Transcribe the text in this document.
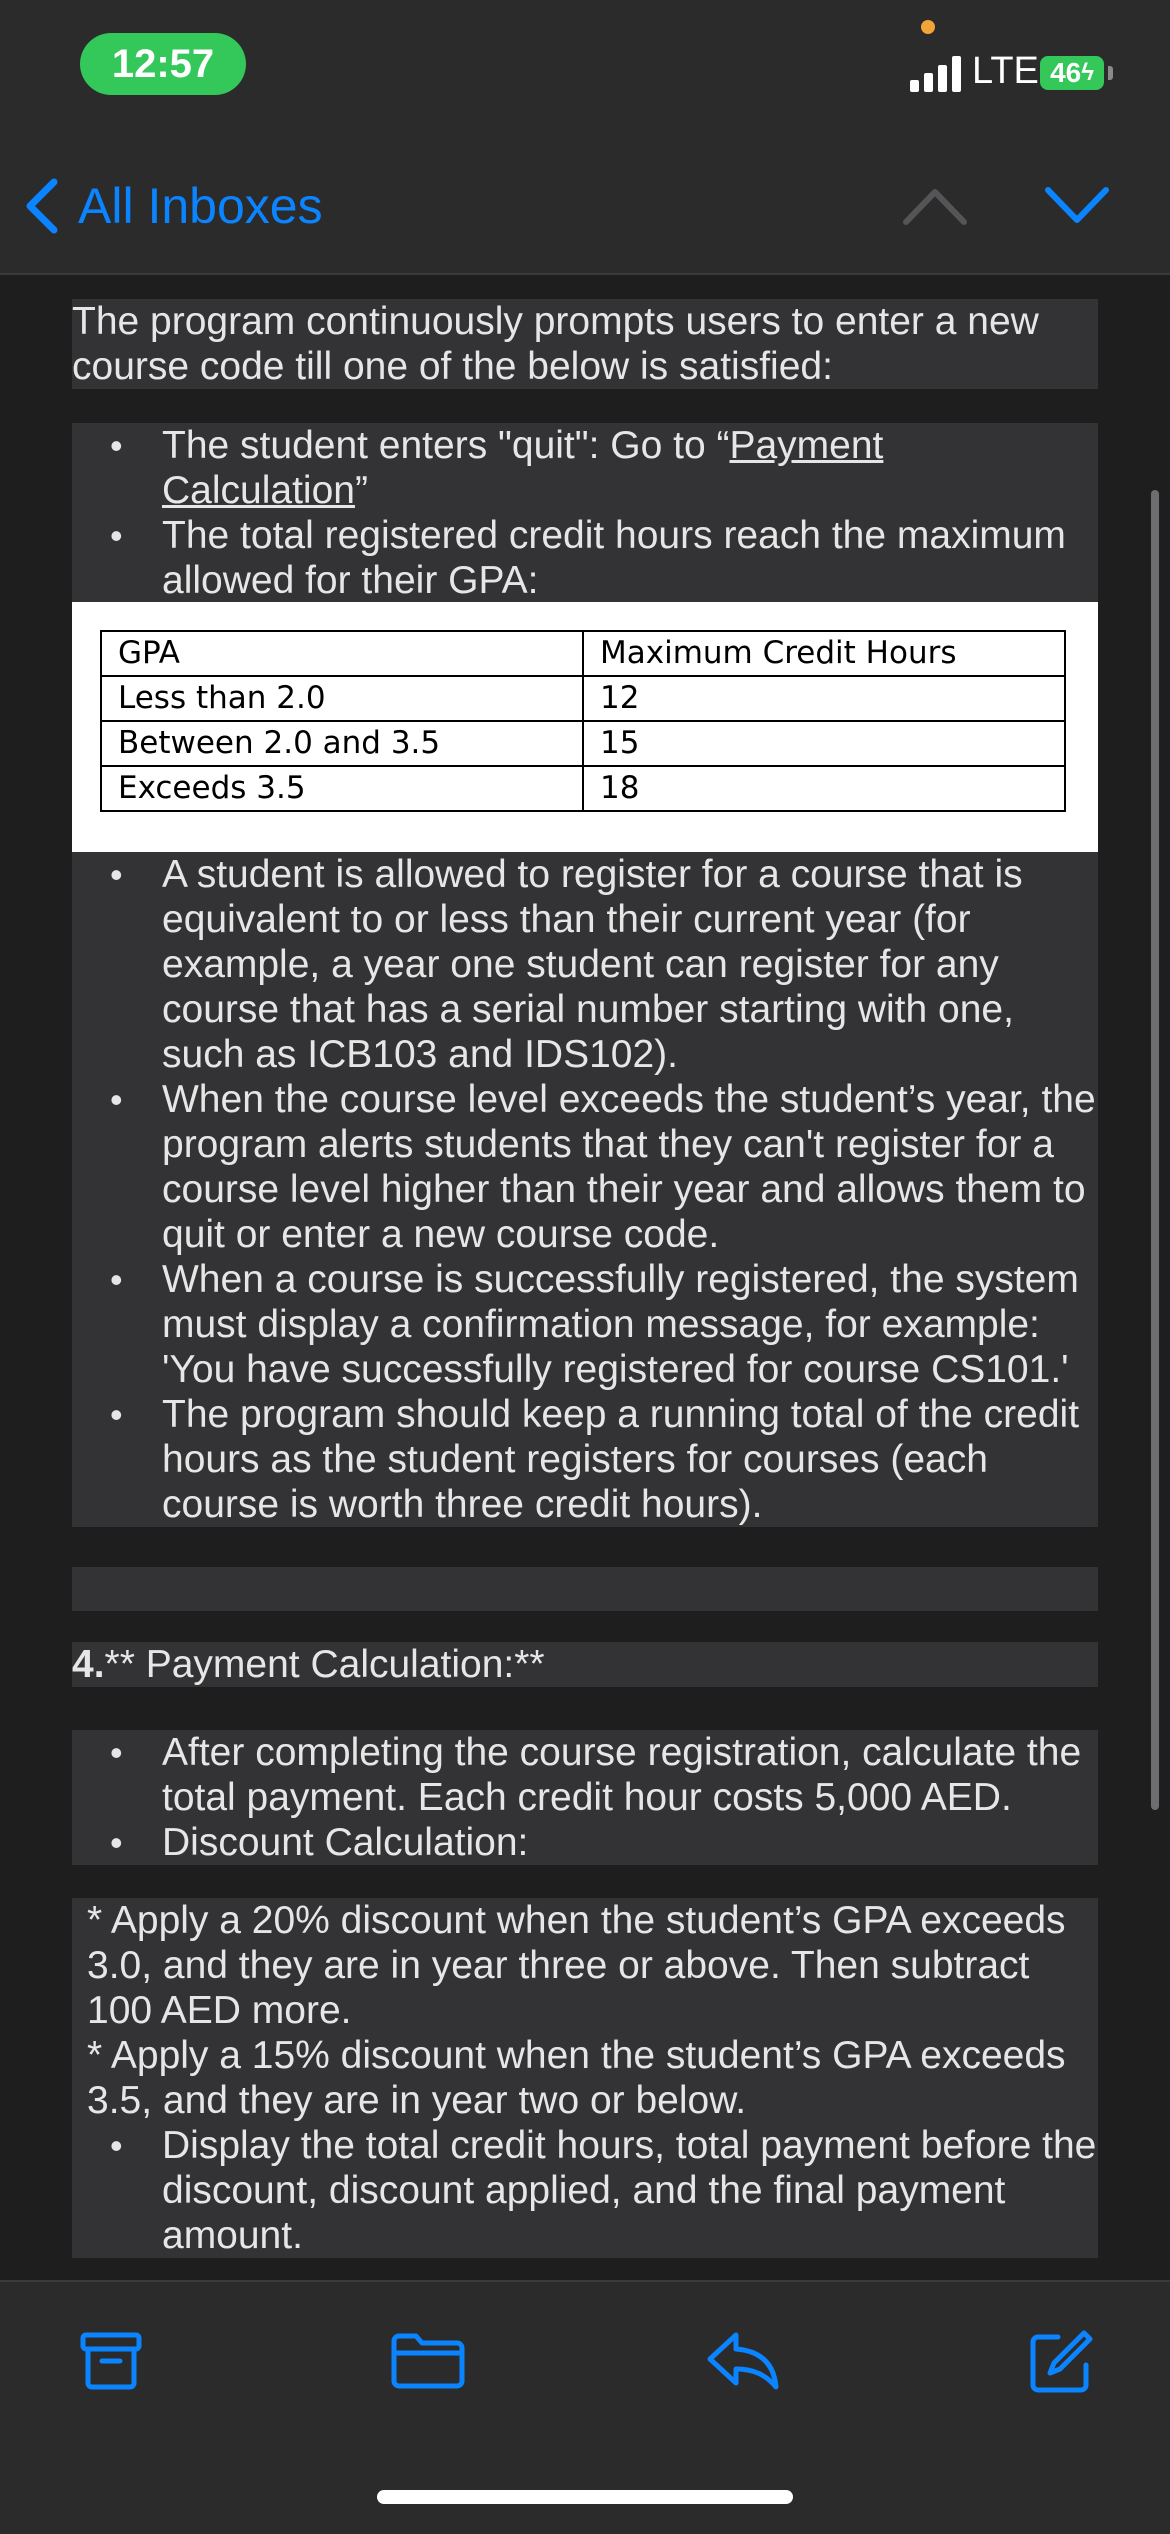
12:57	LTE 46 ϟ
All Inboxes
The program continuously prompts users to enter a new course code till one of the below is satisfied:
• The student enters "quit": Go to “Payment Calculation”
• The total registered credit hours reach the maximum allowed for their GPA:
GPA	Maximum Credit Hours
Less than 2.0	12
Between 2.0 and 3.5	15
Exceeds 3.5	18
• A student is allowed to register for a course that is equivalent to or less than their current year (for example, a year one student can register for any course that has a serial number starting with one, such as ICB103 and IDS102).
• When the course level exceeds the student’s year, the program alerts students that they can't register for a course level higher than their year and allows them to quit or enter a new course code.
• When a course is successfully registered, the system must display a confirmation message, for example: 'You have successfully registered for course CS101.'
• The program should keep a running total of the credit hours as the student registers for courses (each course is worth three credit hours).
4.** Payment Calculation:**
• After completing the course registration, calculate the total payment. Each credit hour costs 5,000 AED.
• Discount Calculation:
* Apply a 20% discount when the student’s GPA exceeds 3.0, and they are in year three or above. Then subtract 100 AED more.
* Apply a 15% discount when the student’s GPA exceeds 3.5, and they are in year two or below.
• Display the total credit hours, total payment before the discount, discount applied, and the final payment amount.
